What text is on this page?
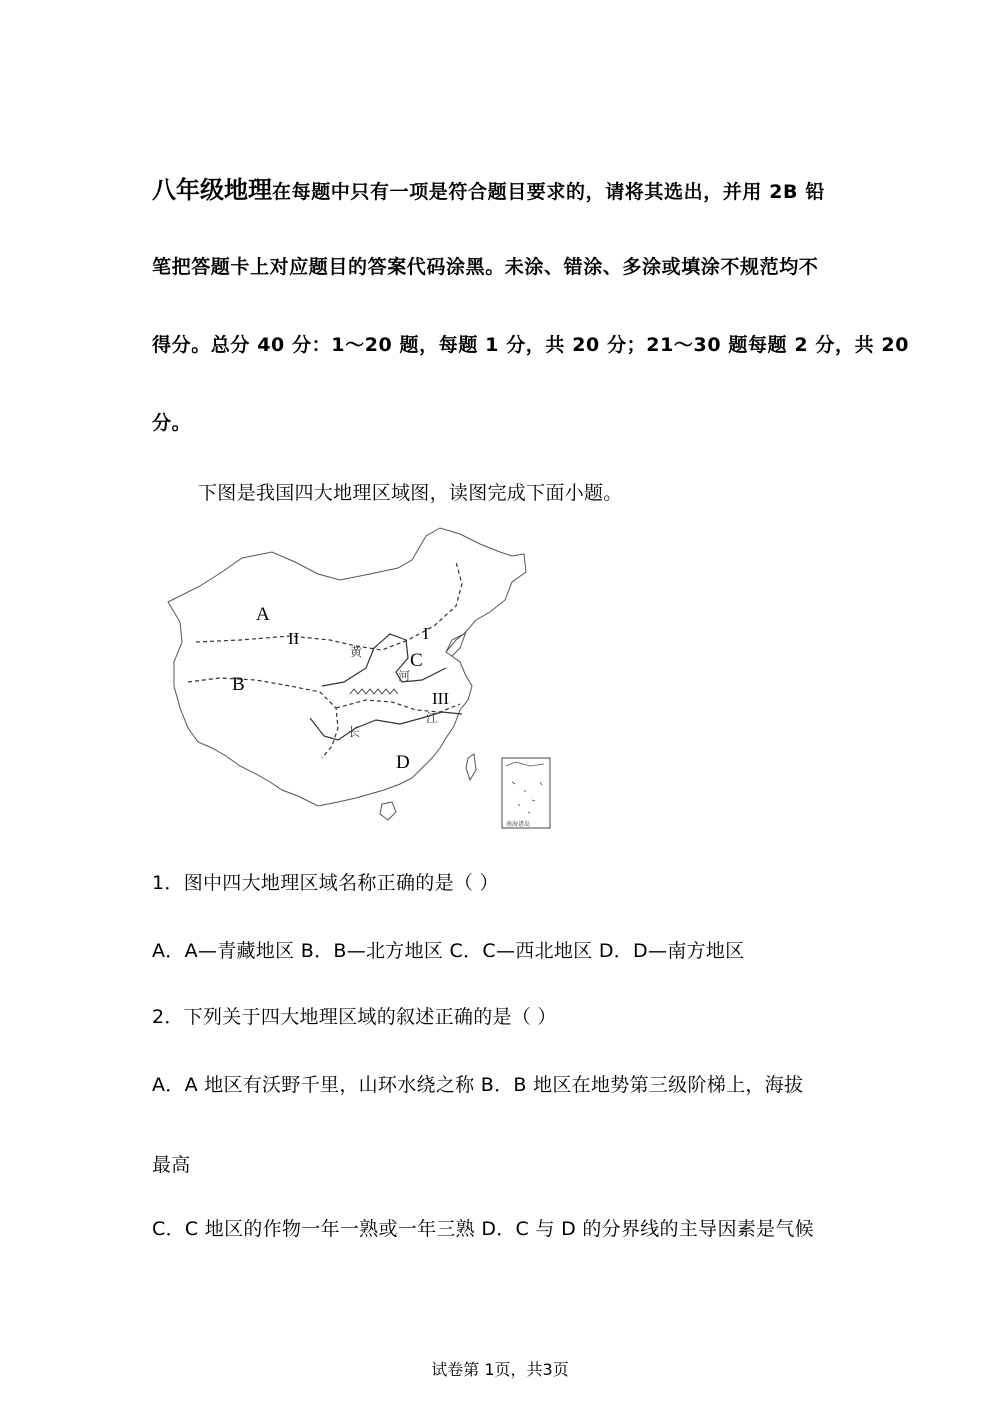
八年级地理在每题中只有一项是符合题目要求的，请将其选出，并用 2B 铅
笔把答题卡上对应题目的答案代码涂黑。未涂、错涂、多涂或填涂不规范均不
得分。总分 40 分：1～20 题，每题 1 分，共 20 分；21～30 题每题 2 分，共 20
分。
下图是我国四大地理区域图，读图完成下面小题。
A
B
C
D
I
II
III
黄
河
长
江
南海诸岛
1．图中四大地理区域名称正确的是（ ）
A．A—青藏地区 B．B—北方地区 C．C—西北地区 D．D—南方地区
2．下列关于四大地理区域的叙述正确的是（ ）
A．A 地区有沃野千里，山环水绕之称 B．B 地区在地势第三级阶梯上，海拔
最高
C．C 地区的作物一年一熟或一年三熟 D．C 与 D 的分界线的主导因素是气候
试卷第 1页，共3页
